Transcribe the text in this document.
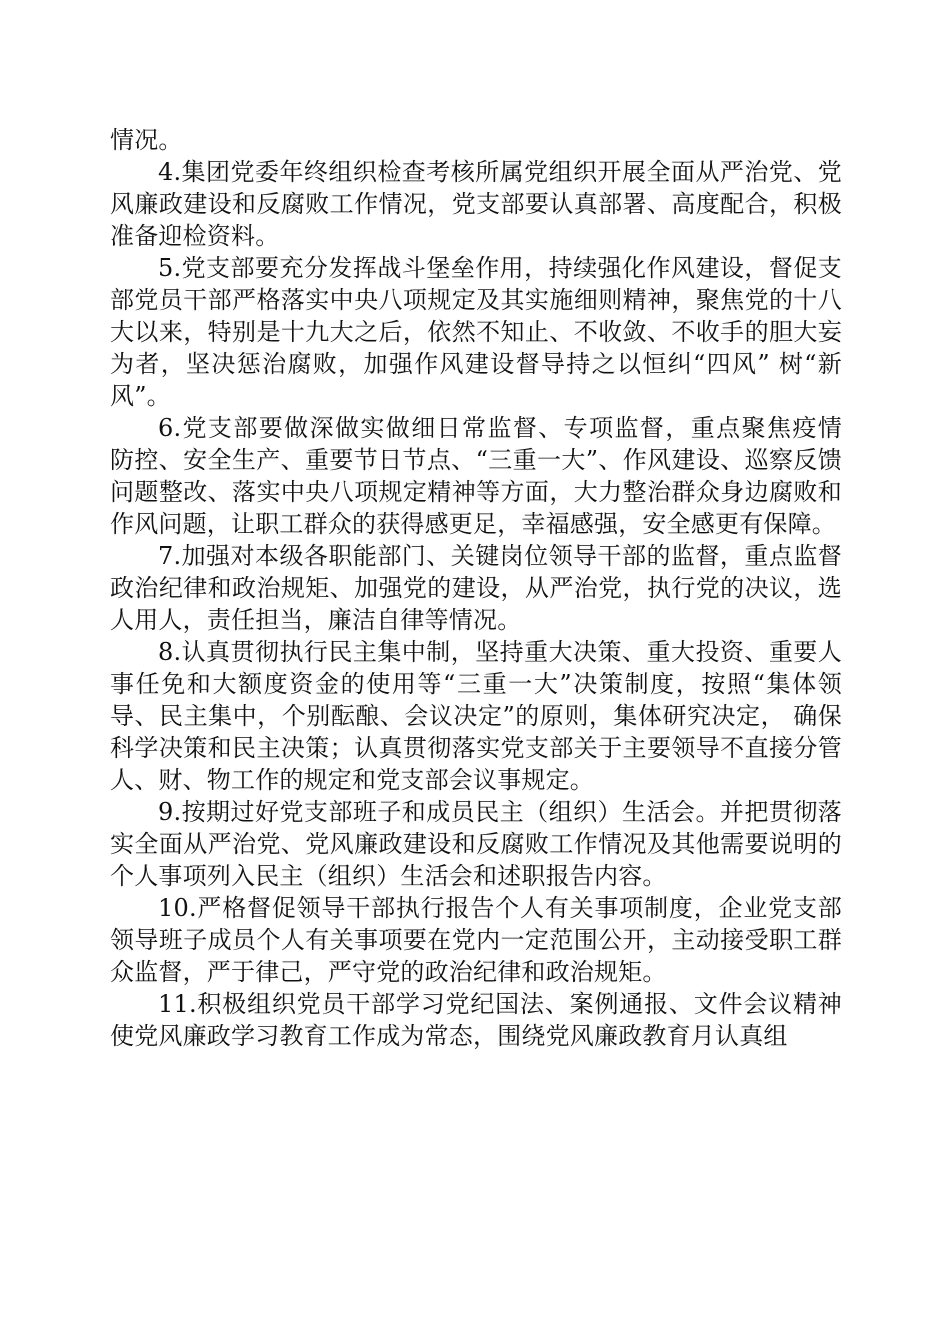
情况。

4.集团党委年终组织检查考核所属党组织开展全面从严治党、党风廉政建设和反腐败工作情况，党支部要认真部署、高度配合，积极准备迎检资料。

5.党支部要充分发挥战斗堡垒作用，持续强化作风建设，督促支部党员干部严格落实中央八项规定及其实施细则精神，聚焦党的十八大以来，特别是十九大之后，依然不知止、不收敛、不收手的胆大妄为者，坚决惩治腐败，加强作风建设督导持之以恒纠“四风” 树“新风”。

6.党支部要做深做实做细日常监督、专项监督，重点聚焦疫情 防控、安全生产、重要节日节点、“三重一大”、作风建设、巡察反馈问题整改、落实中央八项规定精神等方面，大力整治群众身边腐败和作风问题，让职工群众的获得感更足，幸福感强，安全感更有保障。

7.加强对本级各职能部门、关键岗位领导干部的监督，重点监督政治纪律和政治规矩、加强党的建设，从严治党，执行党的决议，选人用人，责任担当，廉洁自律等情况。

8.认真贯彻执行民主集中制，坚持重大决策、重大投资、重要人事任免和大额度资金的使用等“三重一大”决策制度，按照“集体领导、民主集中，个别酝酿、会议决定”的原则，集体研究决定， 确保科学决策和民主决策；认真贯彻落实党支部关于主要领导不直接分管人、财、物工作的规定和党支部会议事规定。

9.按期过好党支部班子和成员民主（组织）生活会。并把贯彻落实全面从严治党、党风廉政建设和反腐败工作情况及其他需要说明的个人事项列入民主（组织）生活会和述职报告内容。

10.严格督促领导干部执行报告个人有关事项制度，企业党支部领导班子成员个人有关事项要在党内一定范围公开，主动接受职工群众监督，严于律己，严守党的政治纪律和政治规矩。

11.积极组织党员干部学习党纪国法、案例通报、文件会议精神使党风廉政学习教育工作成为常态，围绕党风廉政教育月认真组
